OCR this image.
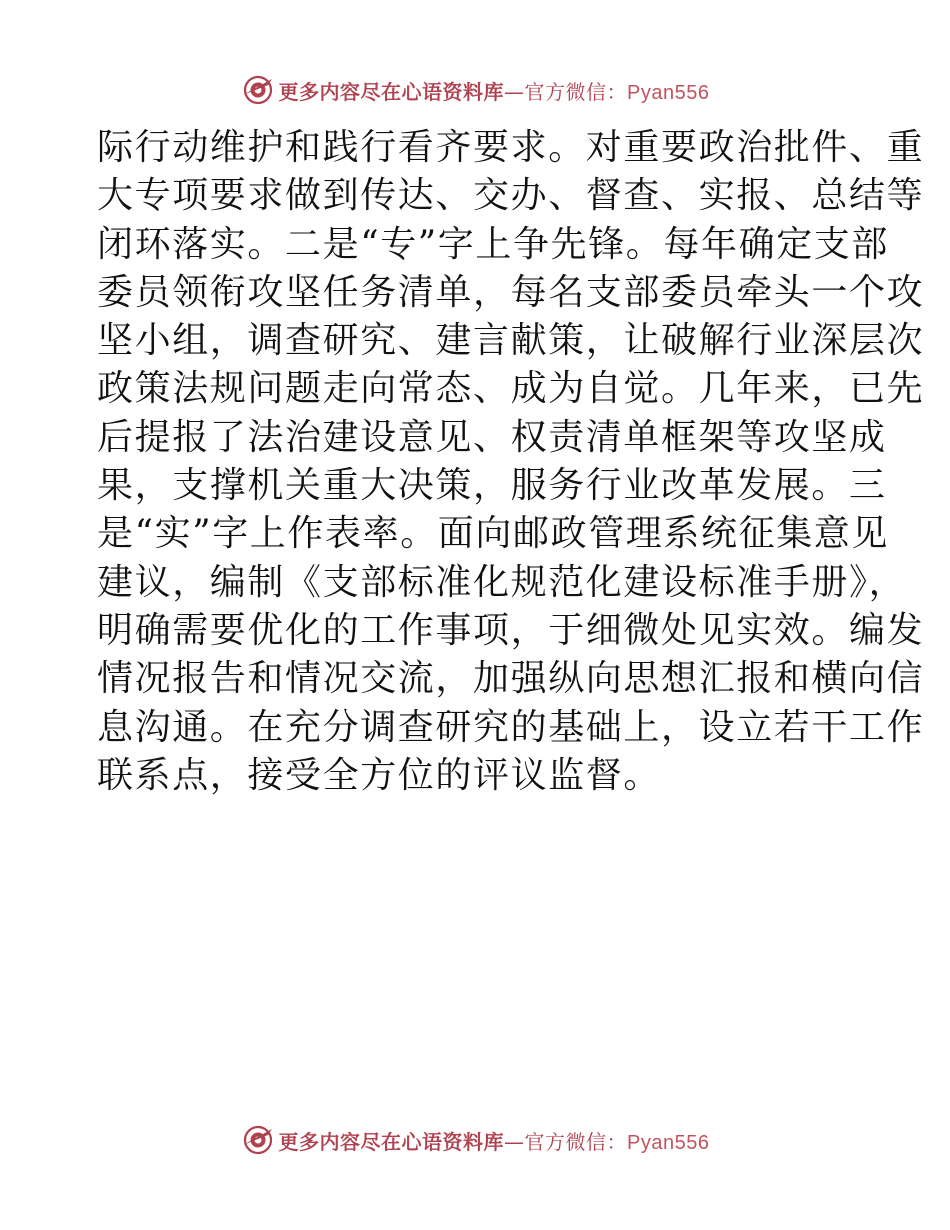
更多内容尽在心语资料库—官方微信：Pyan556
际行动维护和践行看齐要求。对重要政治批件、重
大专项要求做到传达、交办、督查、实报、总结等
闭环落实。二是“专”字上争先锋。每年确定支部
委员领衔攻坚任务清单，每名支部委员牵头一个攻
坚小组，调查研究、建言献策，让破解行业深层次
政策法规问题走向常态、成为自觉。几年来，已先
后提报了法治建设意见、权责清单框架等攻坚成
果，支撑机关重大决策，服务行业改革发展。三
是“实”字上作表率。面向邮政管理系统征集意见
建议，编制《支部标准化规范化建设标准手册》，
明确需要优化的工作事项，于细微处见实效。编发
情况报告和情况交流，加强纵向思想汇报和横向信
息沟通。在充分调查研究的基础上，设立若干工作
联系点，接受全方位的评议监督。
更多内容尽在心语资料库—官方微信：Pyan556
